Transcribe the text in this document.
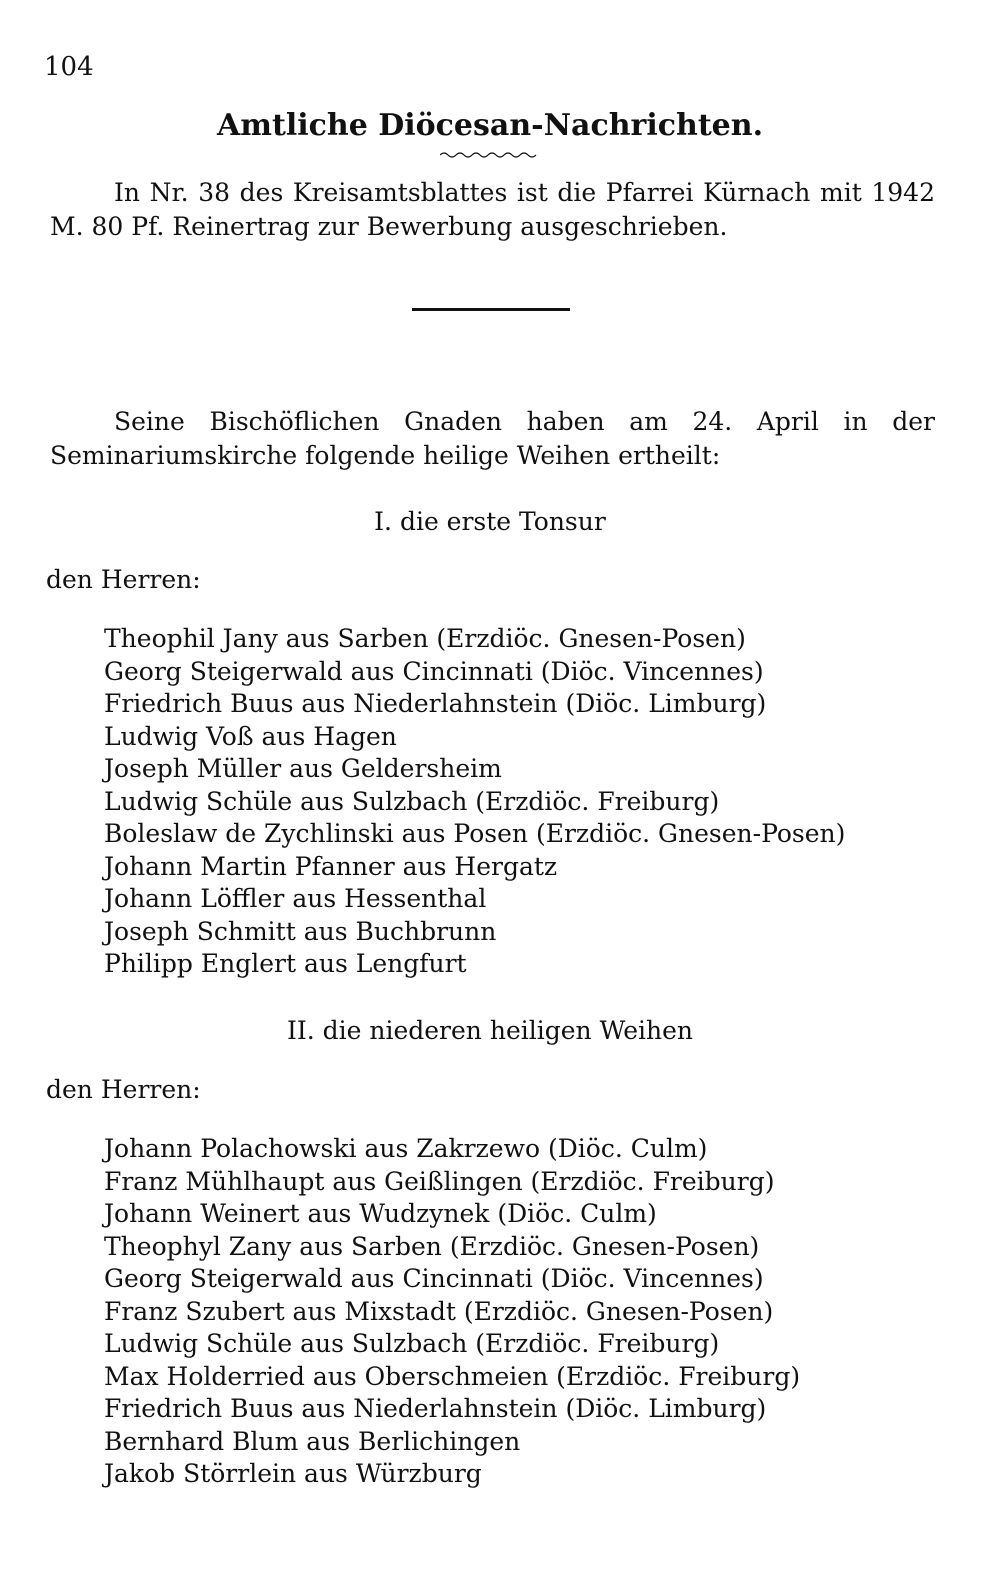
104
Amtliche Diöcesan-Nachrichten.

In Nr. 38 des Kreisamtsblattes ist die Pfarrei Kürnach mit 1942 M. 80 Pf. Reinertrag zur Bewerbung ausgeschrieben.

Seine Bischöflichen Gnaden haben am 24. April in der Seminariumskirche folgende heilige Weihen ertheilt:

I. die erste Tonsur
den Herren:
Theophil Jany aus Sarben (Erzdiöc. Gnesen-Posen)
Georg Steigerwald aus Cincinnati (Diöc. Vincennes)
Friedrich Buus aus Niederlahnstein (Diöc. Limburg)
Ludwig Voß aus Hagen
Joseph Müller aus Geldersheim
Ludwig Schüle aus Sulzbach (Erzdiöc. Freiburg)
Boleslaw de Zychlinski aus Posen (Erzdiöc. Gnesen-Posen)
Johann Martin Pfanner aus Hergatz
Johann Löffler aus Hessenthal
Joseph Schmitt aus Buchbrunn
Philipp Englert aus Lengfurt
II. die niederen heiligen Weihen
den Herren:
Johann Polachowski aus Zakrzewo (Diöc. Culm)
Franz Mühlhaupt aus Geißlingen (Erzdiöc. Freiburg)
Johann Weinert aus Wudzynek (Diöc. Culm)
Theophyl Zany aus Sarben (Erzdiöc. Gnesen-Posen)
Georg Steigerwald aus Cincinnati (Diöc. Vincennes)
Franz Szubert aus Mixstadt (Erzdiöc. Gnesen-Posen)
Ludwig Schüle aus Sulzbach (Erzdiöc. Freiburg)
Max Holderried aus Oberschmeien (Erzdiöc. Freiburg)
Friedrich Buus aus Niederlahnstein (Diöc. Limburg)
Bernhard Blum aus Berlichingen
Jakob Störrlein aus Würzburg
